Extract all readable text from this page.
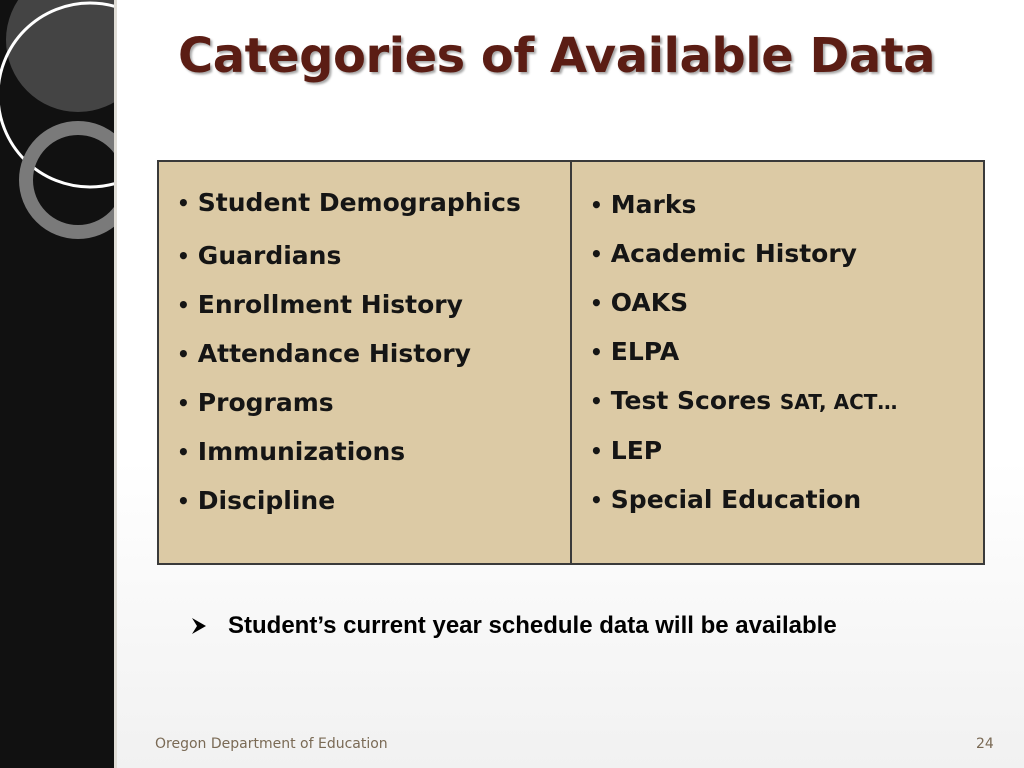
Categories of Available Data
• Student Demographics
• Guardians
• Enrollment History
• Attendance History
• Programs
• Immunizations
• Discipline
• Marks
• Academic History
• OAKS
• ELPA
• Test Scores SAT, ACT…
• LEP
• Special Education
Student’s current year schedule data will be available
Oregon Department of Education	24
